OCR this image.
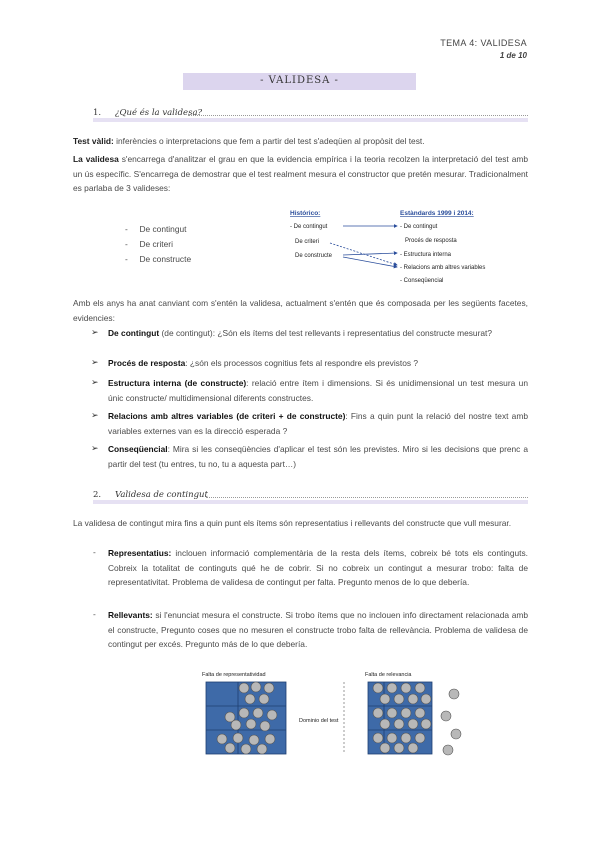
TEMA 4: VALIDESA
1 de 10
- VALIDESA -
1. ¿Qué és la validesa?
Test vàlid: inferències o interpretacions que fem a partir del test s'adeqüen al propòsit del test.
La validesa s'encarrega d'analitzar el grau en que la evidencia empírica i la teoria recolzen la interpretació del test amb un ús específic. S'encarrega de demostrar que el test realment mesura el constructor que pretén mesurar. Tradicionalment es parlaba de 3 valideses:
-     De contingut
-     De criteri
-     De constructe
Histórico:
- De contingut
De criteri
De constructe
Estàndards 1999 i 2014:
- De contingut
Procés de resposta
- Estructura interna
- Relacions amb altres variables
- Conseqüencial
Amb els anys ha anat canviant com s'entén la validesa, actualment s'entén que és composada per les següents facetes, evidencies:
➢ De contingut (de contingut): ¿Són els ítems del test rellevants i representatius del constructe mesurat?
➢ Procés de resposta: ¿són els processos cognitius fets al respondre els previstos ?
➢ Estructura interna (de constructe): relació entre ítem i dimensions. Si és unidimensional un test mesura un únic constructe/ multidimensional diferents constructes.
➢ Relacions amb altres variables (de criteri + de constructe): Fins a quin punt la relació del nostre text amb variables externes van es la direcció esperada ?
➢ Conseqüencial: Mira si les conseqüències d'aplicar el test són les previstes. Miro si les decisions que prenc a partir del test (tu entres, tu no, tu a aquesta part…)
2. Validesa de contingut
La validesa de contingut mira fins a quin punt els ítems són representatius i rellevants del constructe que vull mesurar.
- Representatius: inclouen informació complementària de la resta dels ítems, cobreix bé tots els continguts. Cobreix la totalitat de continguts qué he de cobrir. Si no cobreix un contingut a mesurar trobo: falta de representativitat. Problema de validesa de contingut per falta. Pregunto menos de lo que debería.
- Rellevants: si l'enunciat mesura el constructe. Si trobo ítems que no inclouen info directament relacionada amb el constructe, Pregunto coses que no mesuren el constructe trobo falta de rellevància. Problema de validesa de contingut per excés. Pregunto más de lo que debería.
Falta de representatividad	Falta de relevancia
Dominio del test
